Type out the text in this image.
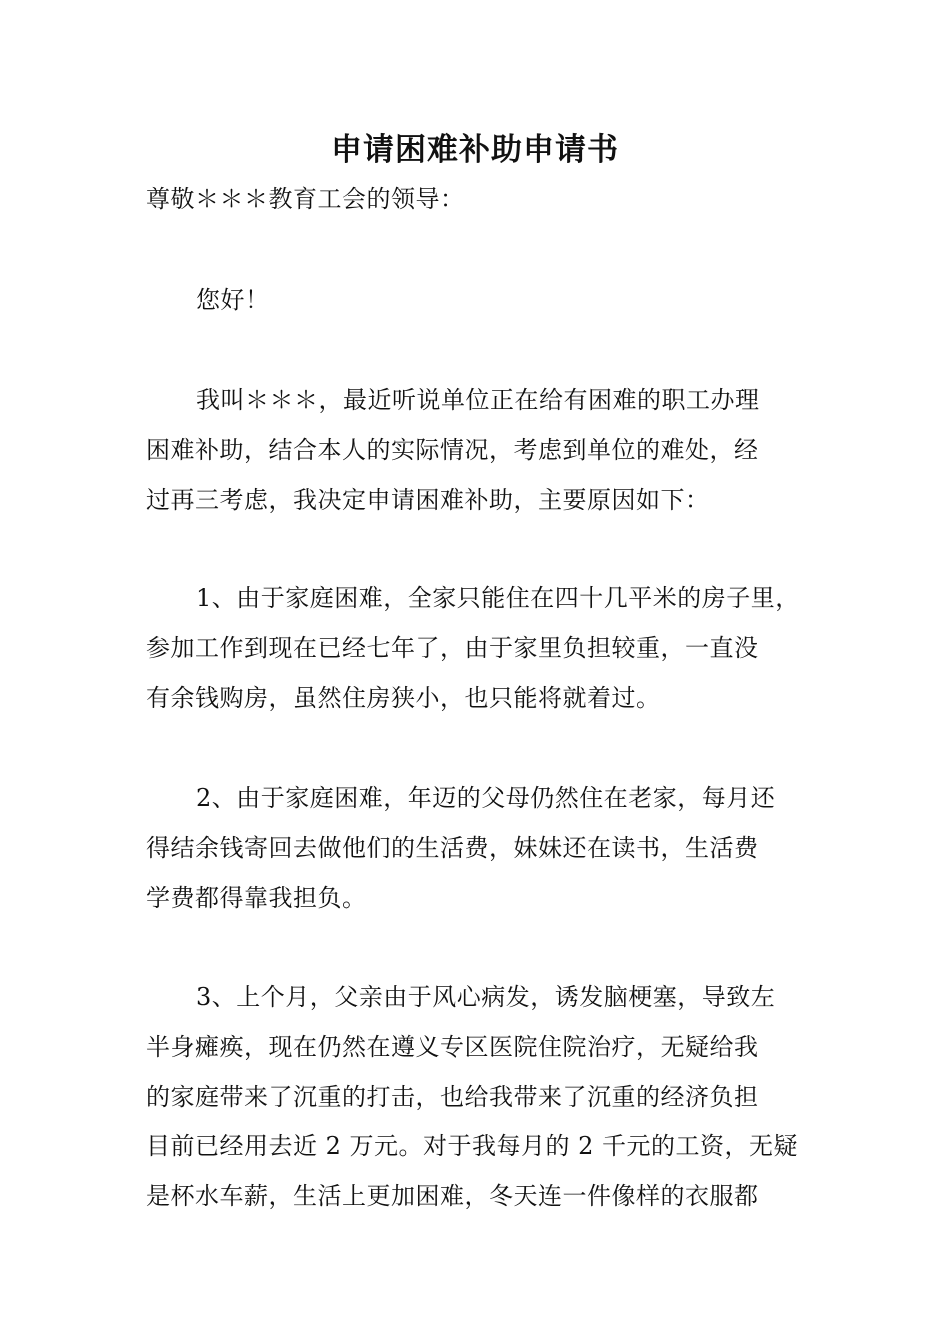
申请困难补助申请书
尊敬＊＊＊教育工会的领导：
您好！
我叫＊＊＊，最近听说单位正在给有困难的职工办理
困难补助，结合本人的实际情况，考虑到单位的难处，经
过再三考虑，我决定申请困难补助，主要原因如下：
1、由于家庭困难，全家只能住在四十几平米的房子里，
参加工作到现在已经七年了，由于家里负担较重，一直没
有余钱购房，虽然住房狭小，也只能将就着过。
2、由于家庭困难，年迈的父母仍然住在老家，每月还
得结余钱寄回去做他们的生活费，妹妹还在读书，生活费
学费都得靠我担负。
3、上个月，父亲由于风心病发，诱发脑梗塞，导致左
半身瘫痪，现在仍然在遵义专区医院住院治疗，无疑给我
的家庭带来了沉重的打击，也给我带来了沉重的经济负担
目前已经用去近 2 万元。对于我每月的 2 千元的工资，无疑
是杯水车薪，生活上更加困难，冬天连一件像样的衣服都
